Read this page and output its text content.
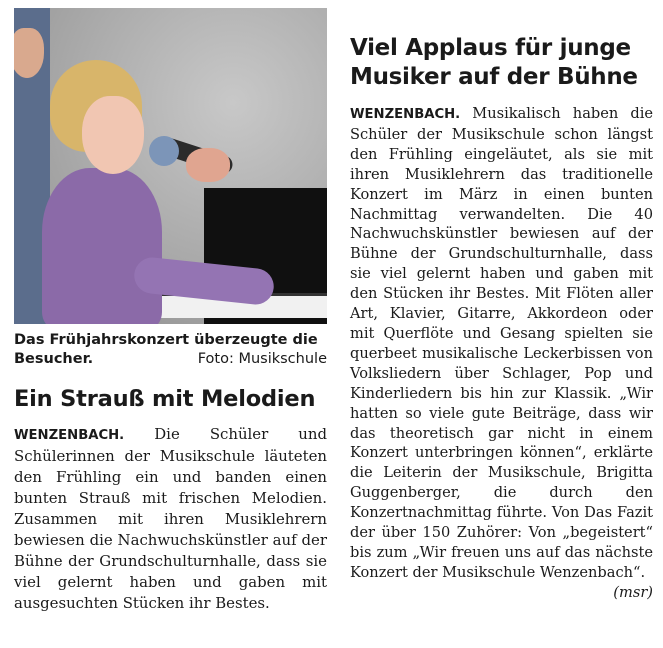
Das Frühjahrskonzert überzeugte die
Besucher.	Foto: Musikschule
Ein Strauß mit Melodien
WENZENBACH. Die Schüler und Schülerinnen der Musikschule läuteten den Frühling ein und banden einen bunten Strauß mit frischen Melodien. Zusammen mit ihren Musiklehrern bewiesen die Nachwuchskünstler auf der Bühne der Grundschulturnhalle, dass sie viel gelernt haben und gaben mit ausgesuchten Stücken ihr Bestes.
Viel Applaus für junge Musiker auf der Bühne
WENZENBACH. Musikalisch haben die Schüler der Musikschule schon längst den Frühling eingeläutet, als sie mit ihren Musiklehrern das traditionelle Konzert im März in einen bunten Nachmittag verwandelten. Die 40 Nachwuchskünstler bewiesen auf der Bühne der Grundschulturnhalle, dass sie viel gelernt haben und gaben mit den Stücken ihr Bestes. Mit Flöten aller Art, Klavier, Gitarre, Akkordeon oder mit Querflöte und Gesang spielten sie querbeet musikalische Leckerbissen von Volksliedern über Schlager, Pop und Kinderliedern bis hin zur Klassik. „Wir hatten so viele gute Beiträge, dass wir das theoretisch gar nicht in einem Konzert unterbringen können“, erklärte die Leiterin der Musikschule, Brigitta Guggenberger, die durch den Konzertnachmittag führte. Von Das Fazit der über 150 Zuhörer: Von „begeistert“ bis zum „Wir freuen uns auf das nächste Konzert der Musikschule Wenzenbach“.
(msr)
